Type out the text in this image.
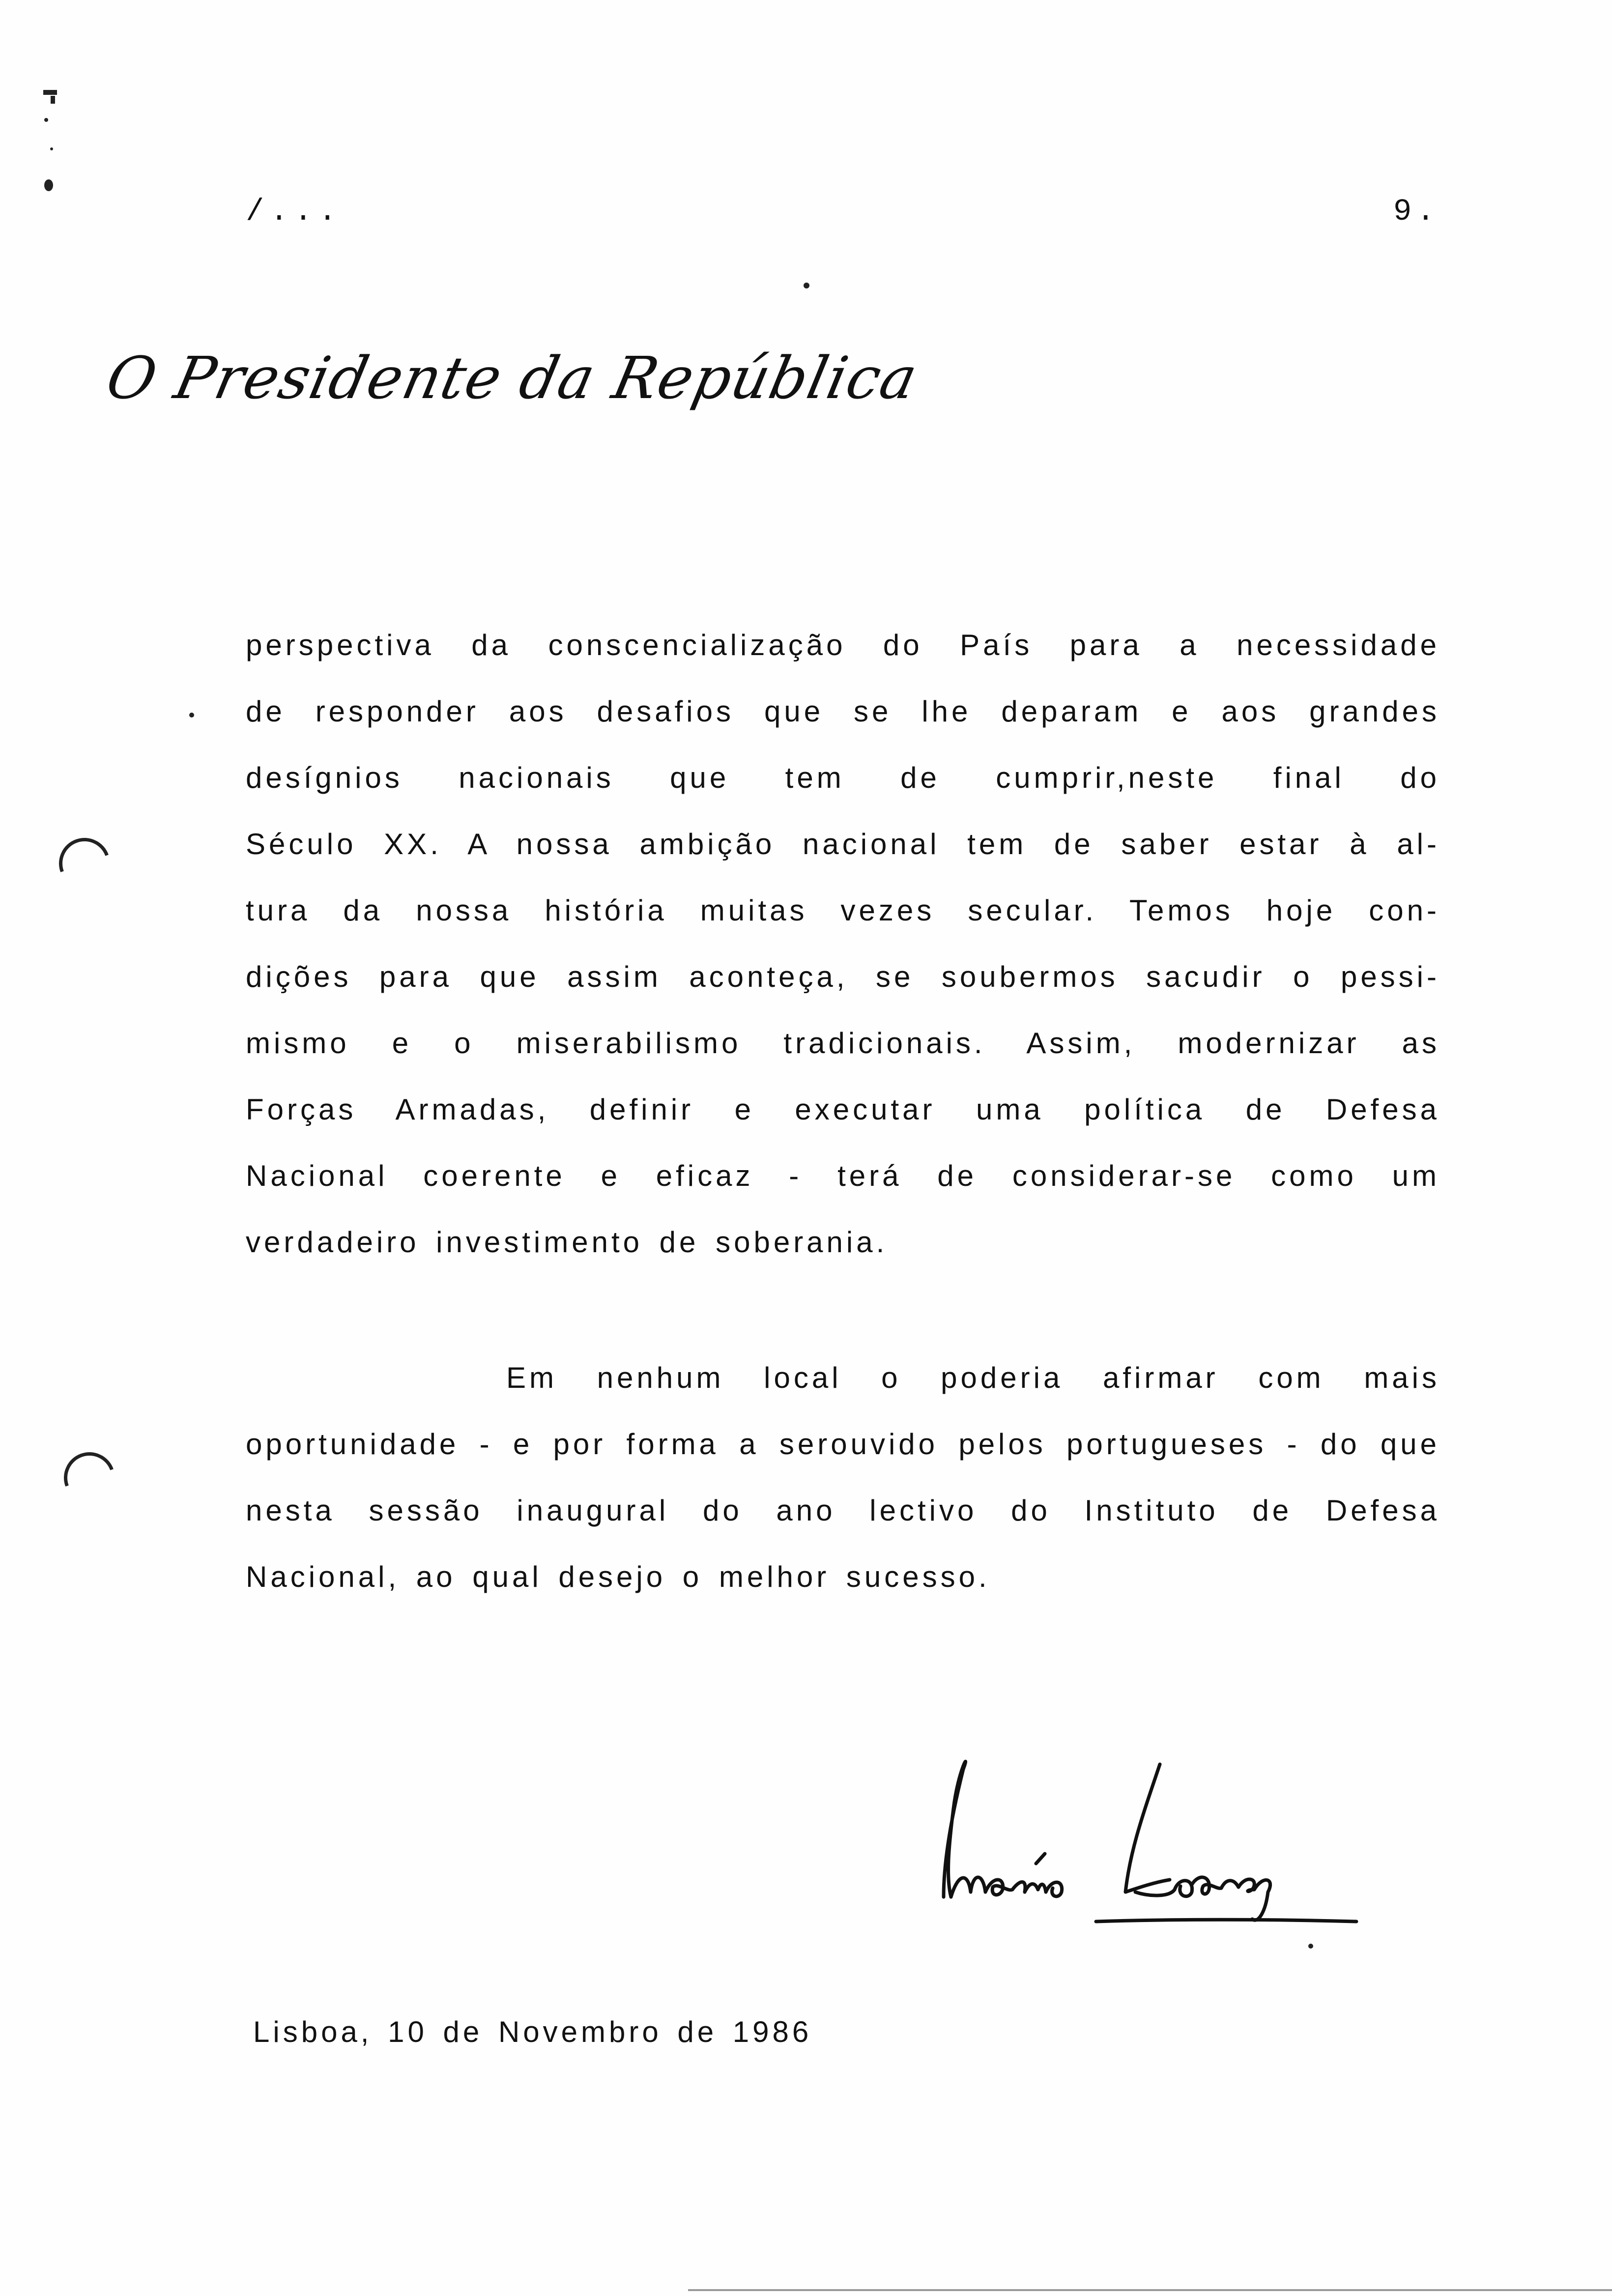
/...	9.
O Presidente da República
perspectiva da conscencialização do País para a necessidade
de responder aos desafios que se lhe deparam e aos grandes
desígnios nacionais que tem de cumprir,neste final do
Século XX. A nossa ambição nacional tem de saber estar à al-
tura da nossa história muitas vezes secular. Temos hoje con-
dições para que assim aconteça, se soubermos sacudir o pessi-
mismo e o miserabilismo tradicionais. Assim, modernizar as
Forças Armadas, definir e executar uma política de Defesa
Nacional coerente e eficaz - terá de considerar-se como um
verdadeiro investimento de soberania.
Em nenhum local o poderia afirmar com mais
oportunidade - e por forma a serouvido pelos portugueses - do que
nesta sessão inaugural do ano lectivo do Instituto de Defesa
Nacional, ao qual desejo o melhor sucesso.
Lisboa, 10 de Novembro de 1986
